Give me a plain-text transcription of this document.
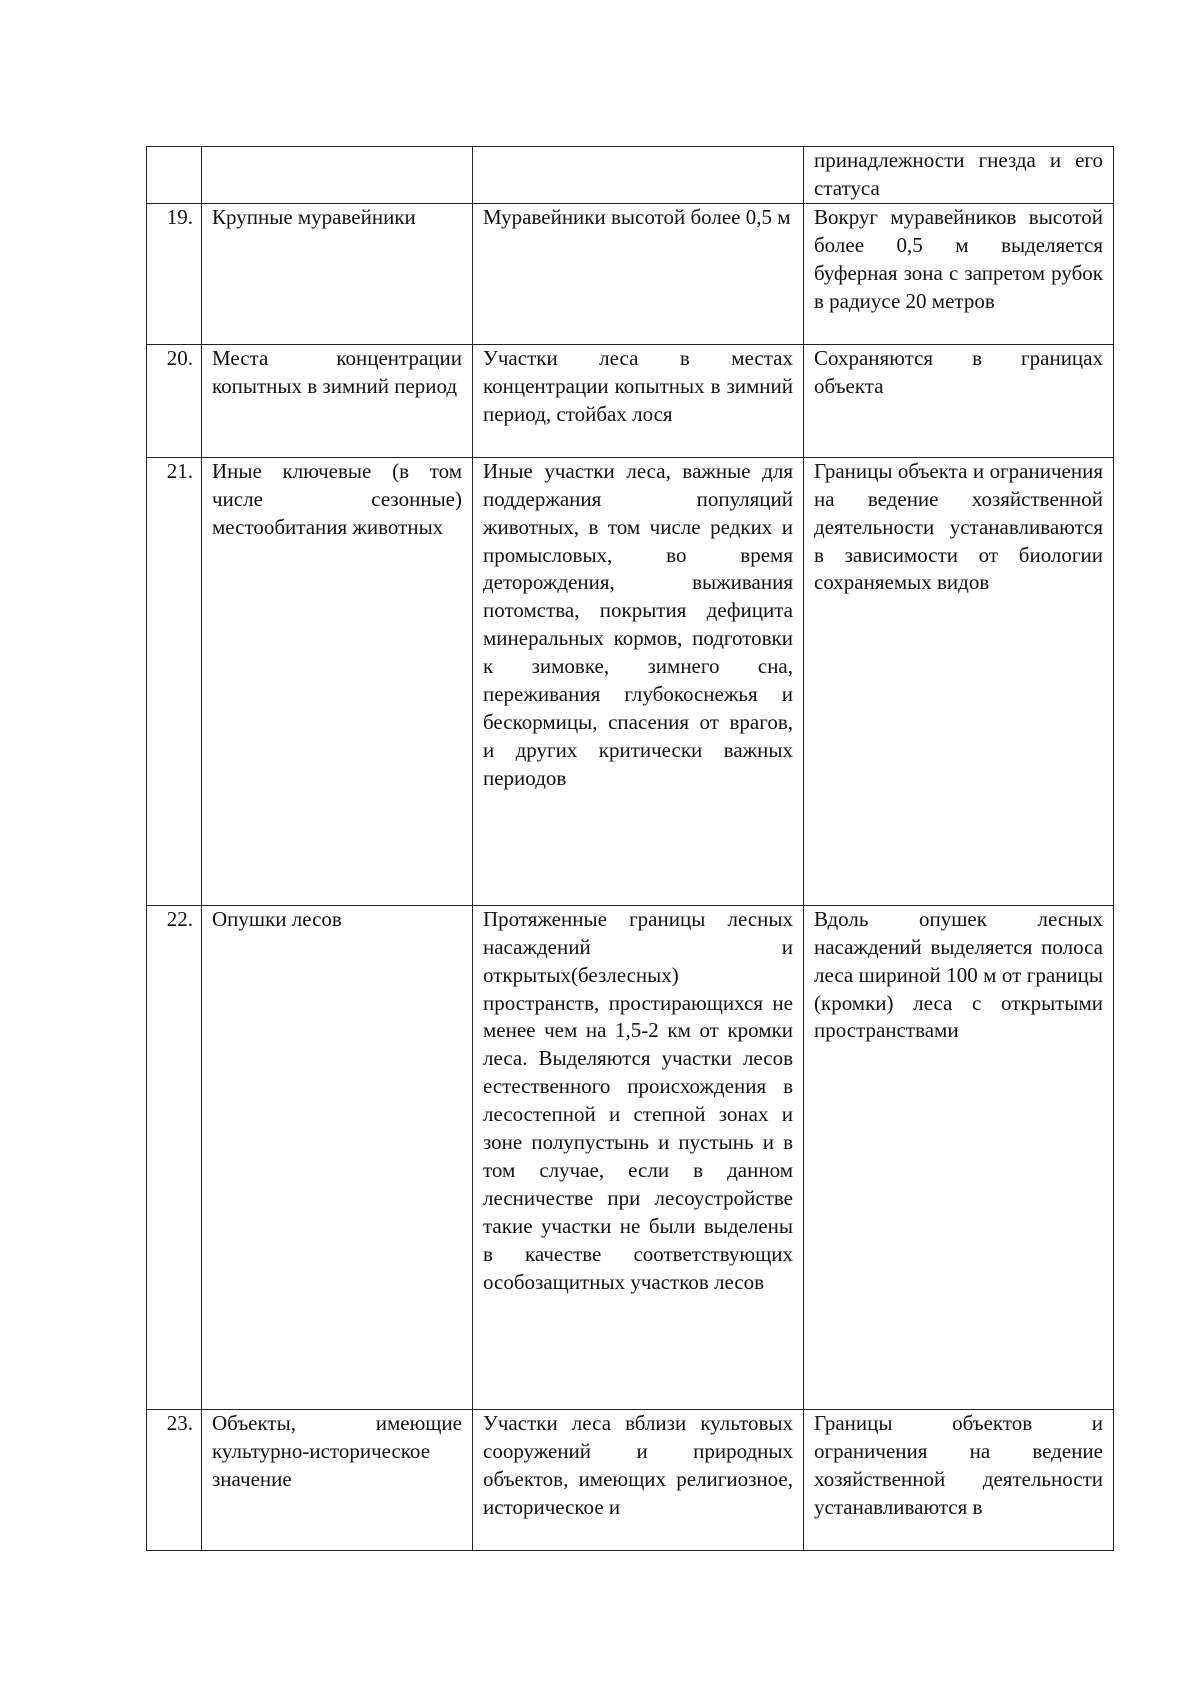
			принадлежности гнезда и его статуса

19.	Крупные муравейники	Муравейники высотой более 0,5 м	Вокруг муравейников высотой более 0,5 м выделяется буферная зона с запретом рубок в радиусе 20 метров

20.	Места концентрации копытных в зимний период	Участки леса в местах концентрации копытных в зимний период, стойбах лося	Сохраняются в границах объекта

21.	Иные ключевые (в том числе сезонные) местообитания животных	Иные участки леса, важные для поддержания популяций животных, в том числе редких и промысловых, во время деторождения, выживания потомства, покрытия дефицита минеральных кормов, подготовки к зимовке, зимнего сна, переживания глубокоснежья и бескормицы, спасения от врагов, и других критически важных периодов	Границы объекта и ограничения на ведение хозяйственной деятельности устанавливаются в зависимости от биологии сохраняемых видов

22.	Опушки лесов	Протяженные границы лесных насаждений и открытых(безлесных) пространств, простирающихся не менее чем на 1,5-2 км от кромки леса. Выделяются участки лесов естественного происхождения в лесостепной и степной зонах и зоне полупустынь и пустынь и в том случае, если в данном лесничестве при лесоустройстве такие участки не были выделены в качестве соответствующих особозащитных участков лесов	Вдоль опушек лесных насаждений выделяется полоса леса шириной 100 м от границы (кромки) леса с открытыми пространствами

23.	Объекты, имеющие культурно-историческое значение	Участки леса вблизи культовых сооружений и природных объектов, имеющих религиозное, историческое и	Границы объектов и ограничения на ведение хозяйственной деятельности устанавливаются в
